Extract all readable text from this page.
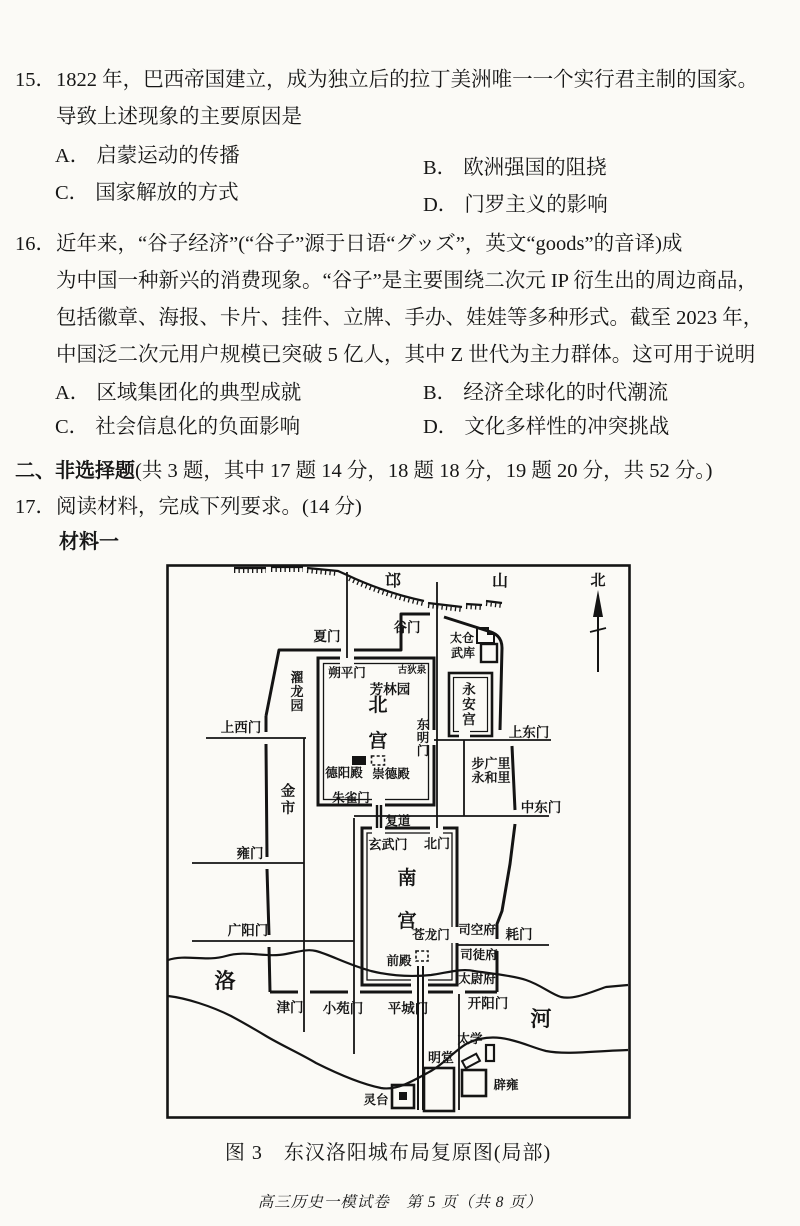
15． 1822 年，巴西帝国建立，成为独立后的拉丁美洲唯一一个实行君主制的国家。
导致上述现象的主要原因是
A． 启蒙运动的传播
C． 国家解放的方式
B． 欧洲强国的阻挠
D． 门罗主义的影响
16． 近年来，“谷子经济”(“谷子”源于日语“グッズ”，英文“goods”的音译)成
为中国一种新兴的消费现象。“谷子”是主要围绕二次元 IP 衍生出的周边商品，
包括徽章、海报、卡片、挂件、立牌、手办、娃娃等多种形式。截至 2023 年，
中国泛二次元用户规模已突破 5 亿人，其中 Z 世代为主力群体。这可用于说明
A． 区域集团化的典型成就
C． 社会信息化的负面影响
B． 经济全球化的时代潮流
D． 文化多样性的冲突挑战
二、非选择题(共 3 题，其中 17 题 14 分，18 题 18 分，19 题 20 分，共 52 分。)
17． 阅读材料，完成下列要求。(14 分)
材料一
邙	山	北
夏门
谷门
太仓
武库
朔平门	古狄泉
芳林园
上西门	上东门
步广里
永和里
德阳殿 崇德殿
朱雀门
复道
中东门
玄武门 北门
雍门
广阳门	苍龙门 司空府 耗门
前殿	司徒府
太尉府
津门 小苑门 平城门	开阳门
洛
河
太学
明堂
辟雍
灵台
濯龙园	北宫
永安宫
东明门
金市
南宫
图 3　东汉洛阳城布局复原图(局部)
高三历史一模试卷　第 5 页（共 8 页）
